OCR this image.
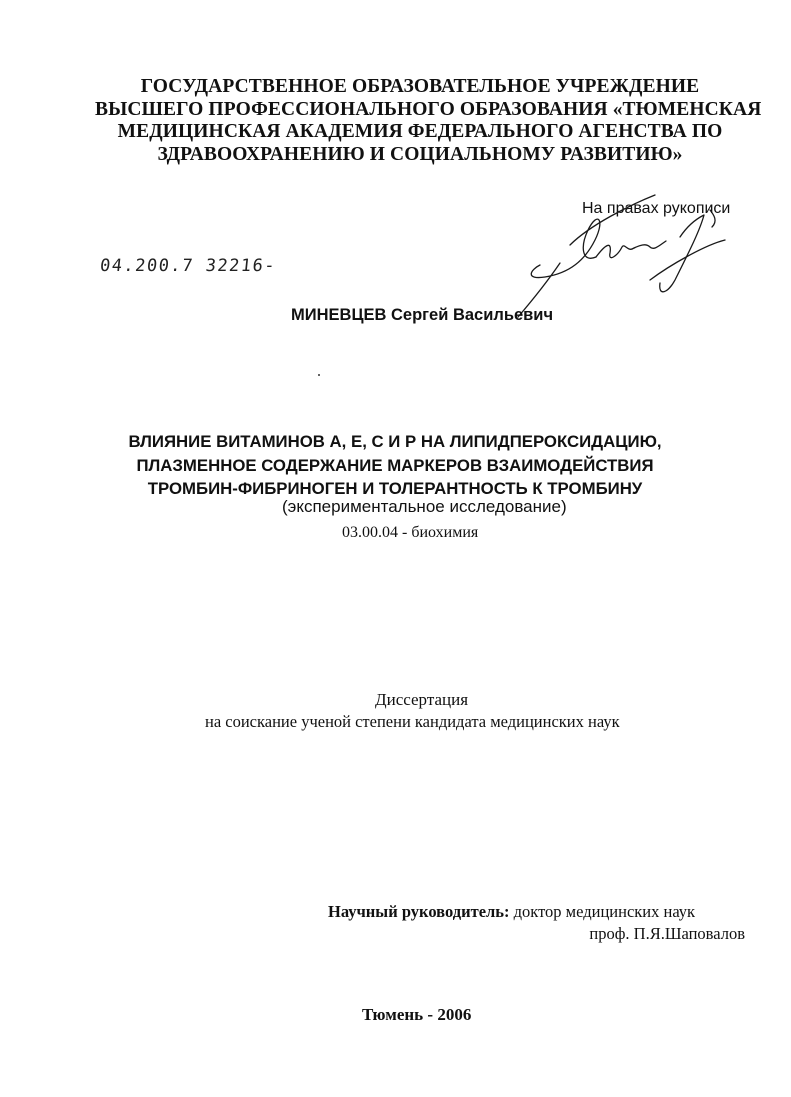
ГОСУДАРСТВЕННОЕ ОБРАЗОВАТЕЛЬНОЕ УЧРЕЖДЕНИЕ
ВЫСШЕГО ПРОФЕССИОНАЛЬНОГО ОБРАЗОВАНИЯ «ТЮМЕНСКАЯ
МЕДИЦИНСКАЯ АКАДЕМИЯ ФЕДЕРАЛЬНОГО АГЕНСТВА ПО
ЗДРАВООХРАНЕНИЮ И СОЦИАЛЬНОМУ РАЗВИТИЮ»
На правах рукописи
04.200.7 32216-
МИНЕВЦЕВ Сергей Васильевич
ВЛИЯНИЕ ВИТАМИНОВ А, Е, С И Р НА ЛИПИДПЕРОКСИДАЦИЮ,
ПЛАЗМЕННОЕ СОДЕРЖАНИЕ МАРКЕРОВ ВЗАИМОДЕЙСТВИЯ
ТРОМБИН-ФИБРИНОГЕН И ТОЛЕРАНТНОСТЬ К ТРОМБИНУ
(экспериментальное исследование)
03.00.04 - биохимия
Диссертация
на соискание ученой степени кандидата медицинских наук
Научный руководитель: доктор медицинских наук
проф. П.Я.Шаповалов
Тюмень - 2006
